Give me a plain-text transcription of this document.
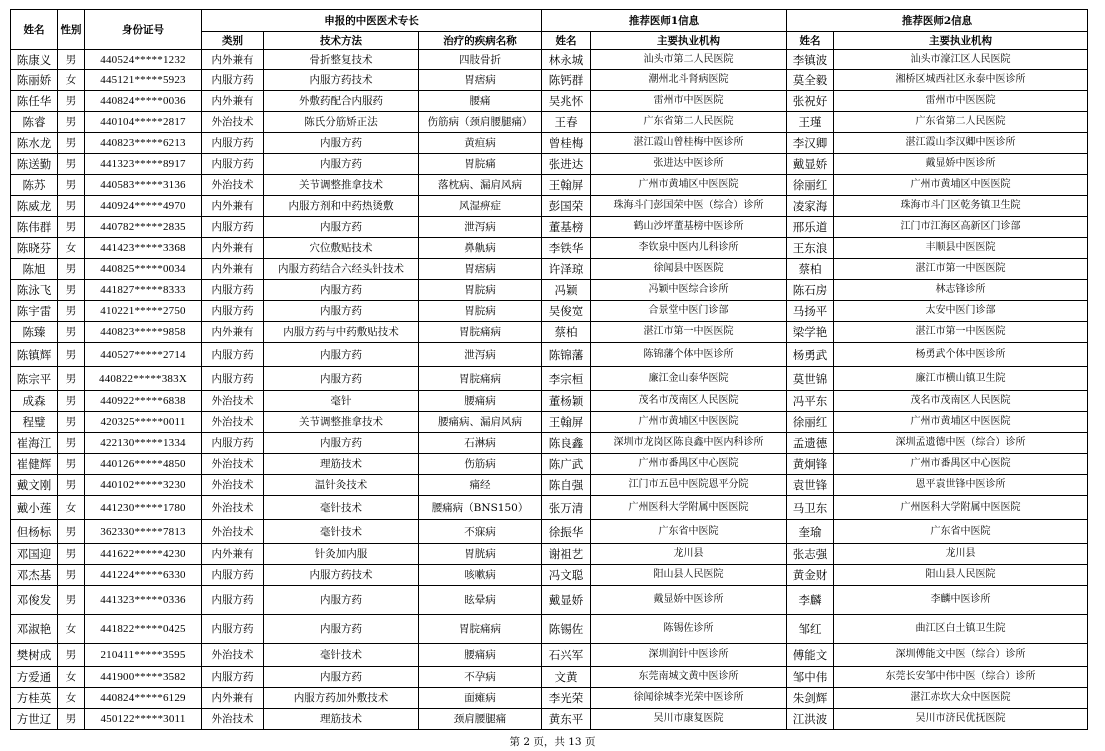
姓名	性别	身份证号	申报的中医医术专长			推荐医师1信息		推荐医师2信息	
			类别	技术方法	治疗的疾病名称	姓名	主要执业机构	姓名	主要执业机构
陈康义	男	440524*****1232	内外兼有	骨折整复技术	四肢骨折	林永城	汕头市第二人民医院	李镇波	汕头市濠江区人民医院
陈丽娇	女	445121*****5923	内服方药	内服方药技术	胃痞病	陈钙群	潮州北斗肾病医院	莫全毅	湘桥区城西社区永泰中医诊所
陈任华	男	440824*****0036	内外兼有	外敷药配合内服药	腰痛	吴兆怀	雷州市中医医院	张祝好	雷州市中医医院
陈睿	男	440104*****2817	外治技术	陈氏分筋矫正法	伤筋病（颈肩腰腿痛）	王春	广东省第二人民医院	王瑾	广东省第二人民医院
陈水龙	男	440823*****6213	内服方药	内服方药	黄疸病	曾桂梅	湛江霞山曾桂梅中医诊所	李汉卿	湛江霞山李汉卿中医诊所
陈送勤	男	441323*****8917	内服方药	内服方药	胃脘痛	张进达	张进达中医诊所	戴显娇	戴显娇中医诊所
陈苏	男	440583*****3136	外治技术	关节调整推拿技术	落枕病、漏肩风病	王翰屏	广州市黄埔区中医医院	徐丽红	广州市黄埔区中医医院
陈威龙	男	440924*****4970	内外兼有	内服方剂和中药热烫敷	风湿痹症	彭国荣	珠海斗门彭国荣中医（综合）诊所	凌家海	珠海市斗门区乾务镇卫生院
陈伟群	男	440782*****2835	内服方药	内服方药	泄泻病	董基榜	鹤山沙坪董基榜中医诊所	邢乐道	江门市江海区高新区门诊部
陈晓芬	女	441423*****3368	内外兼有	穴位敷贴技术	鼻鼽病	李铁华	李钦泉中医内儿科诊所	王东浪	丰顺县中医医院
陈旭	男	440825*****0034	内外兼有	内服方药结合六经头针技术	胃痞病	许泽琼	徐闻县中医医院	蔡柏	湛江市第一中医医院
陈泳飞	男	441827*****8333	内服方药	内服方药	胃脘病	冯颖	冯颖中医综合诊所	陈石房	林志锋诊所
陈宇雷	男	410221*****2750	内服方药	内服方药	胃脘病	吴俊宽	合景堂中医门诊部	马扬平	太安中医门诊部
陈臻	男	440823*****9858	内外兼有	内服方药与中药敷贴技术	胃脘痛病	蔡柏	湛江市第一中医医院	梁学艳	湛江市第一中医医院
陈镇辉	男	440527*****2714	内服方药	内服方药	泄泻病	陈锦藩	陈锦藩个体中医诊所	杨勇武	杨勇武个体中医诊所
陈宗平	男	440822*****383X	内服方药	内服方药	胃脘痛病	李宗桓	廉江金山泰华医院	莫世锦	廉江市横山镇卫生院
成森	男	440922*****6838	外治技术	毫针	腰痛病	董杨颖	茂名市茂南区人民医院	冯平东	茂名市茂南区人民医院
程璧	男	420325*****0011	外治技术	关节调整推拿技术	腰痛病、漏肩风病	王翰屏	广州市黄埔区中医医院	徐丽红	广州市黄埔区中医医院
崔海江	男	422130*****1334	内服方药	内服方药	石淋病	陈良鑫	深圳市龙岗区陈良鑫中医内科诊所	孟遗德	深圳孟遗德中医（综合）诊所
崔健辉	男	440126*****4850	外治技术	理筋技术	伤筋病	陈广武	广州市番禺区中心医院	黄炯锋	广州市番禺区中心医院
戴文刚	男	440102*****3230	外治技术	温针灸技术	痛经	陈自强	江门市五邑中医院恩平分院	袁世锋	恩平袁世锋中医诊所
戴小莲	女	441230*****1780	外治技术	毫针技术	腰痛病（BNS150）	张万清	广州医科大学附属中医医院	马卫东	广州医科大学附属中医医院
但杨标	男	362330*****7813	外治技术	毫针技术	不寐病	徐振华	广东省中医院	奎瑜	广东省中医院
邓国迎	男	441622*****4230	内外兼有	针灸加内服	胃胱病	谢祖艺	龙川县	张志强	龙川县
邓杰基	男	441224*****6330	内服方药	内服方药技术	咳嗽病	冯文聪	阳山县人民医院	黄金财	阳山县人民医院
邓俊发	男	441323*****0336	内服方药	内服方药	眩晕病	戴显娇	戴显娇中医诊所	李麟	李麟中医诊所
邓淑艳	女	441822*****0425	内服方药	内服方药	胃脘痛病	陈锡佐	陈锡佐诊所	邹红	曲江区白土镇卫生院
樊树成	男	210411*****3595	外治技术	毫针技术	腰痛病	石兴军	深圳润针中医诊所	傅能文	深圳傅能文中医（综合）诊所
方爱通	女	441900*****3582	内服方药	内服方药	不孕病	文黄	东莞南城文黄中医诊所	邹中伟	东莞长安邹中伟中医（综合）诊所
方桂英	女	440824*****6129	内外兼有	内服方药加外敷技术	面瘫病	李光荣	徐闻徐城李光荣中医诊所	朱剑辉	湛江赤坎大众中医医院
方世辽	男	450122*****3011	外治技术	理筋技术	颈肩腰腿痛	黄东平	吴川市康复医院	江洪波	吴川市济民优抚医院
第 2 页，共 13 页
